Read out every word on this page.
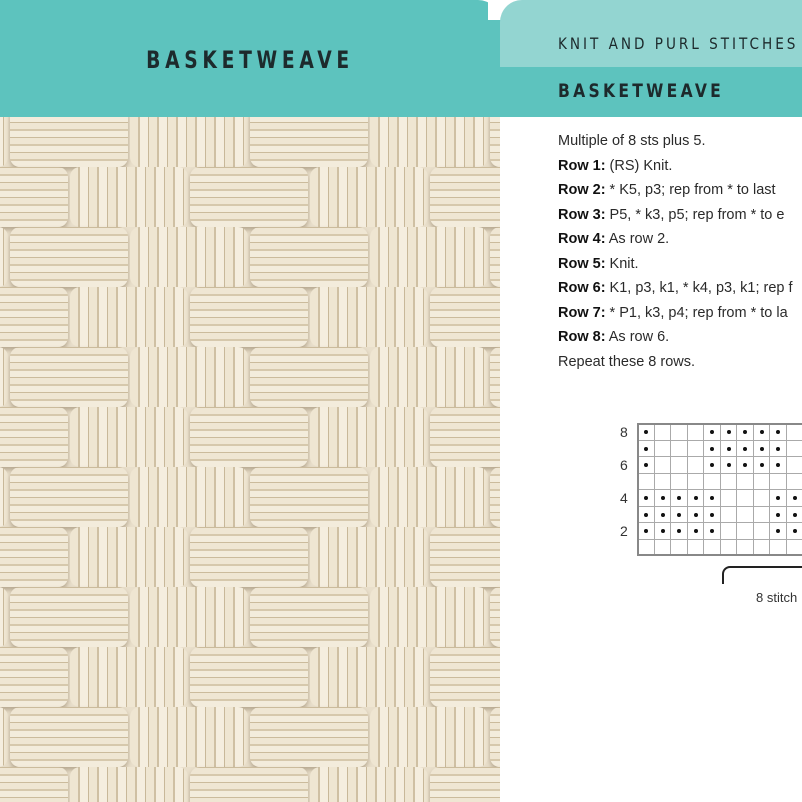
BASKETWEAVE
KNIT AND PURL STITCHES
BASKETWEAVE
Multiple of 8 sts plus 5.
Row 1: (RS) Knit.
Row 2: * K5, p3; rep from * to last
Row 3: P5, * k3, p5; rep from * to e
Row 4: As row 2.
Row 5: Knit.
Row 6: K1, p3, k1, * k4, p3, k1; rep f
Row 7: * P1, k3, p4; rep from * to la
Row 8: As row 6.
Repeat these 8 rows.
8
6
4
2
8 stitch
